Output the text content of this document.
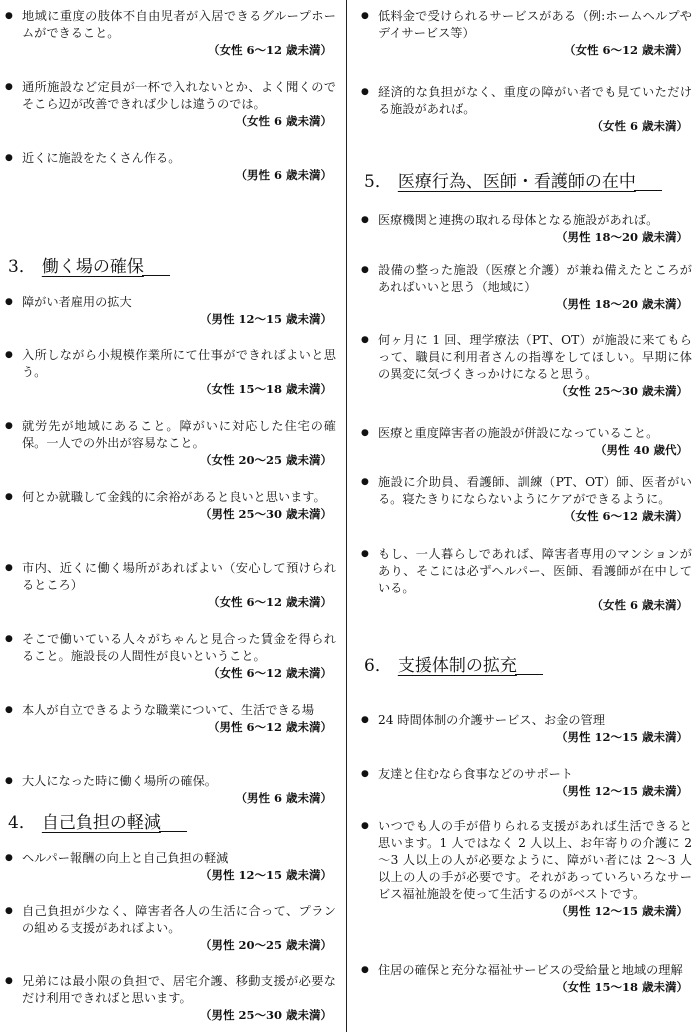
● 地域に重度の肢体不自由児者が入居できるグループホームができること。
（女性 6～12 歳未満）
● 通所施設など定員が一杯で入れないとか、よく聞くのでそこら辺が改善できれば少しは違うのでは。
（女性 6 歳未満）
● 近くに施設をたくさん作る。
（男性 6 歳未満）
3． 働く場の確保
● 障がい者雇用の拡大
（男性 12～15 歳未満）
● 入所しながら小規模作業所にて仕事ができればよいと思う。
（女性 15～18 歳未満）
● 就労先が地域にあること。障がいに対応した住宅の確保。一人での外出が容易なこと。
（女性 20～25 歳未満）
● 何とか就職して金銭的に余裕があると良いと思います。
（男性 25～30 歳未満）
● 市内、近くに働く場所があればよい（安心して預けられるところ）
（女性 6～12 歳未満）
● そこで働いている人々がちゃんと見合った賃金を得られること。施設長の人間性が良いということ。
（女性 6～12 歳未満）
● 本人が自立できるような職業について、生活できる場
（男性 6～12 歳未満）
● 大人になった時に働く場所の確保。
（男性 6 歳未満）
4． 自己負担の軽減
● ヘルパー報酬の向上と自己負担の軽減
（男性 12～15 歳未満）
● 自己負担が少なく、障害者各人の生活に合って、プランの組める支援があればよい。
（男性 20～25 歳未満）
● 兄弟には最小限の負担で、居宅介護、移動支援が必要なだけ利用できればと思います。
（男性 25～30 歳未満）
● 低料金で受けられるサービスがある（例:ホームヘルプやデイサービス等）
（女性 6～12 歳未満）
● 経済的な負担がなく、重度の障がい者でも見ていただける施設があれば。
（女性 6 歳未満）
5． 医療行為、医師・看護師の在中
● 医療機関と連携の取れる母体となる施設があれば。
（男性 18～20 歳未満）
● 設備の整った施設（医療と介護）が兼ね備えたところがあればいいと思う（地域に）
（男性 18～20 歳未満）
● 何ヶ月に 1 回、理学療法（PT、OT）が施設に来てもらって、職員に利用者さんの指導をしてほしい。早期に体の異変に気づくきっかけになると思う。
（女性 25～30 歳未満）
● 医療と重度障害者の施設が併設になっていること。
（男性 40 歳代）
● 施設に介助員、看護師、訓練（PT、OT）師、医者がいる。寝たきりにならないようにケアができるように。
（女性 6～12 歳未満）
● もし、一人暮らしであれば、障害者専用のマンションがあり、そこには必ずヘルパー、医師、看護師が在中している。
（女性 6 歳未満）
6． 支援体制の拡充
● 24 時間体制の介護サービス、お金の管理
（男性 12～15 歳未満）
● 友達と住むなら食事などのサポート
（男性 12～15 歳未満）
● いつでも人の手が借りられる支援があれば生活できると思います。1 人ではなく 2 人以上、お年寄りの介護に 2～3 人以上の人が必要なように、障がい者には 2～3 人以上の人の手が必要です。それがあっていろいろなサービス福祉施設を使って生活するのがベストです。
（男性 12～15 歳未満）
● 住居の確保と充分な福祉サービスの受給量と地域の理解
（女性 15～18 歳未満）
